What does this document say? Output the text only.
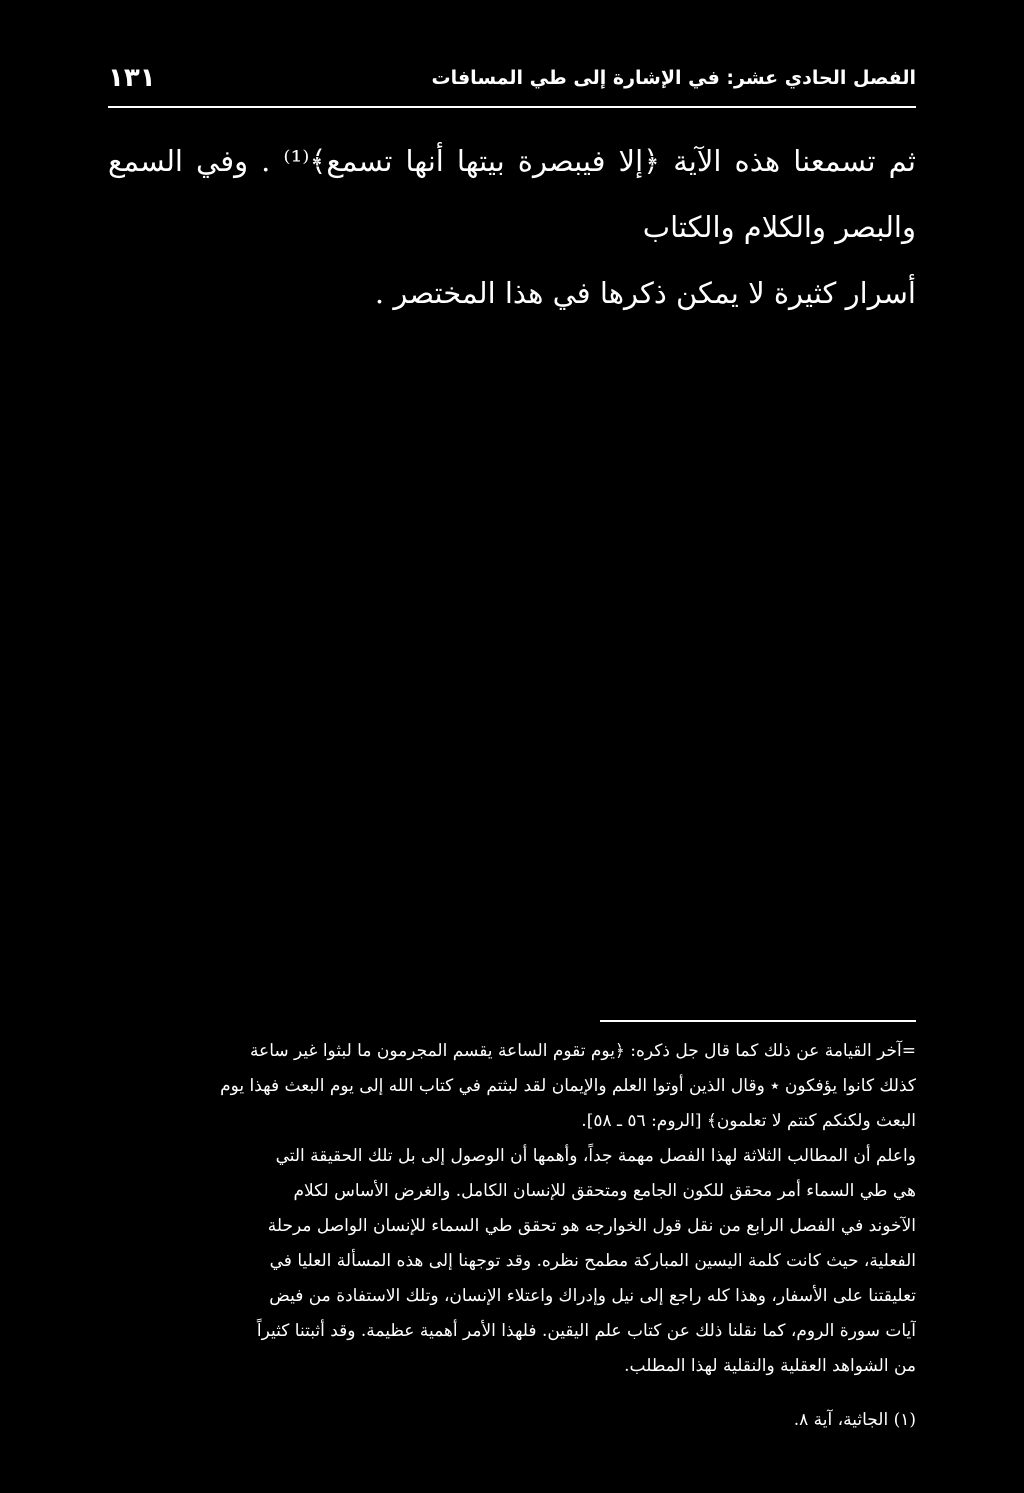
١٣١	الفصل الحادي عشر: في الإشارة إلى طي المسافات
ثم تسمعنا هذه الآية ﴿إلا فيبصرة بيتها أنها تسمع﴾⁽¹⁾ . وفي السمع والبصر والكلام والكتاب
أسرار كثيرة لا يمكن ذكرها في هذا المختصر .
=آخر القيامة عن ذلك كما قال جل ذكره: ﴿يوم تقوم الساعة يقسم المجرمون ما لبثوا غير ساعة
كذلك كانوا يؤفكون ٭ وقال الذين أوتوا العلم والإيمان لقد لبثتم في كتاب الله إلى يوم البعث فهذا يوم
البعث ولكنكم كنتم لا تعلمون﴾ [الروم: ٥٦ ـ ٥٨].
واعلم أن المطالب الثلاثة لهذا الفصل مهمة جداً، وأهمها أن الوصول إلى بل تلك الحقيقة التي
هي طي السماء أمر محقق للكون الجامع ومتحقق للإنسان الكامل. والغرض الأساس لكلام
الآخوند في الفصل الرابع من نقل قول الخوارجه هو تحقق طي السماء للإنسان الواصل مرحلة
الفعلية، حيث كانت كلمة اليسين المباركة مطمح نظره. وقد توجهنا إلى هذه المسألة العليا في
تعليقتنا على الأسفار، وهذا كله راجع إلى نيل وإدراك واعتلاء الإنسان، وتلك الاستفادة من فيض
آيات سورة الروم، كما نقلنا ذلك عن كتاب علم اليقين. فلهذا الأمر أهمية عظيمة. وقد أثبتنا كثيراً
من الشواهد العقلية والنقلية لهذا المطلب.
(١) الجاثية، آية ٨.
